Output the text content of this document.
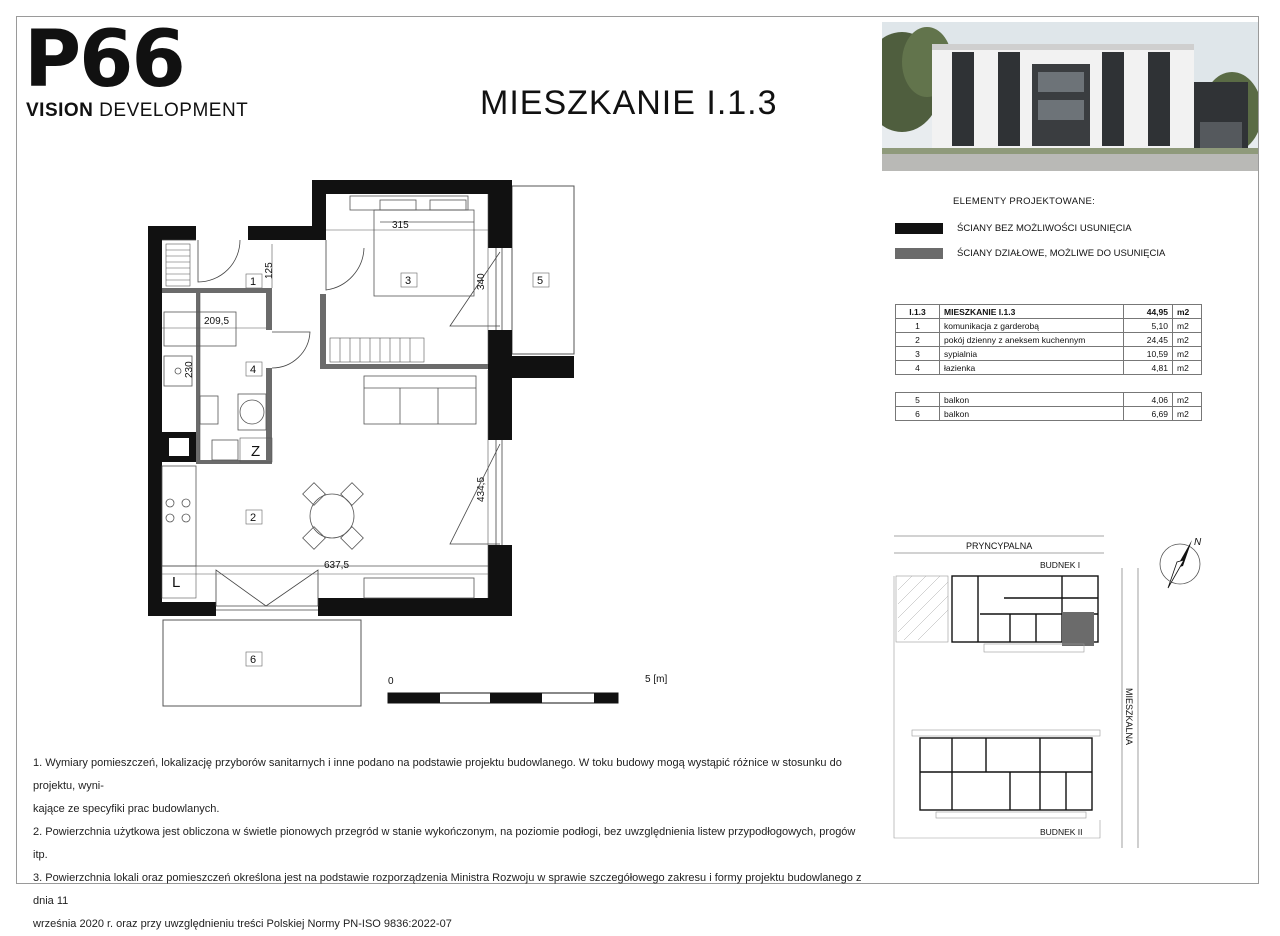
P66
VISION DEVELOPMENT	MIESZKANIE I.1.3
ELEMENTY PROJEKTOWANE:
ŚCIANY BEZ MOŻLIWOŚCI USUNIĘCIA
ŚCIANY DZIAŁOWE, MOŻLIWE DO USUNIĘCIA
I.1.3	MIESZKANIE I.1.3	44,95	m2
1	komunikacja z garderobą	5,10	m2
2	pokój dzienny z aneksem kuchennym	24,45	m2
3	sypialnia	10,59	m2
4	łazienka	4,81	m2
5	balkon	4,06	m2
6	balkon	6,69	m2
315
125
340
209,5
230
434,5
637,5
1
2
3
4
5
6
Z
L
0	5 [m]
PRYNCYPALNA
MIESZKALNA
BUDNEK I
BUDNEK II
N

1. Wymiary pomieszczeń, lokalizację przyborów sanitarnych i inne podano na podstawie projektu budowlanego. W toku budowy mogą wystąpić różnice w stosunku do projektu, wyni-

kające ze specyfiki prac budowlanych.

2. Powierzchnia użytkowa jest obliczona w świetle pionowych przegród w stanie wykończonym, na poziomie podłogi, bez uwzględnienia listew przypodłogowych, progów itp.

3. Powierzchnia lokali oraz pomieszczeń określona jest na podstawie rozporządzenia Ministra Rozwoju w sprawie szczegółowego zakresu i formy projektu budowlanego z dnia 11

września 2020 r. oraz przy uwzględnieniu treści Polskiej Normy PN-ISO 9836:2022-07
